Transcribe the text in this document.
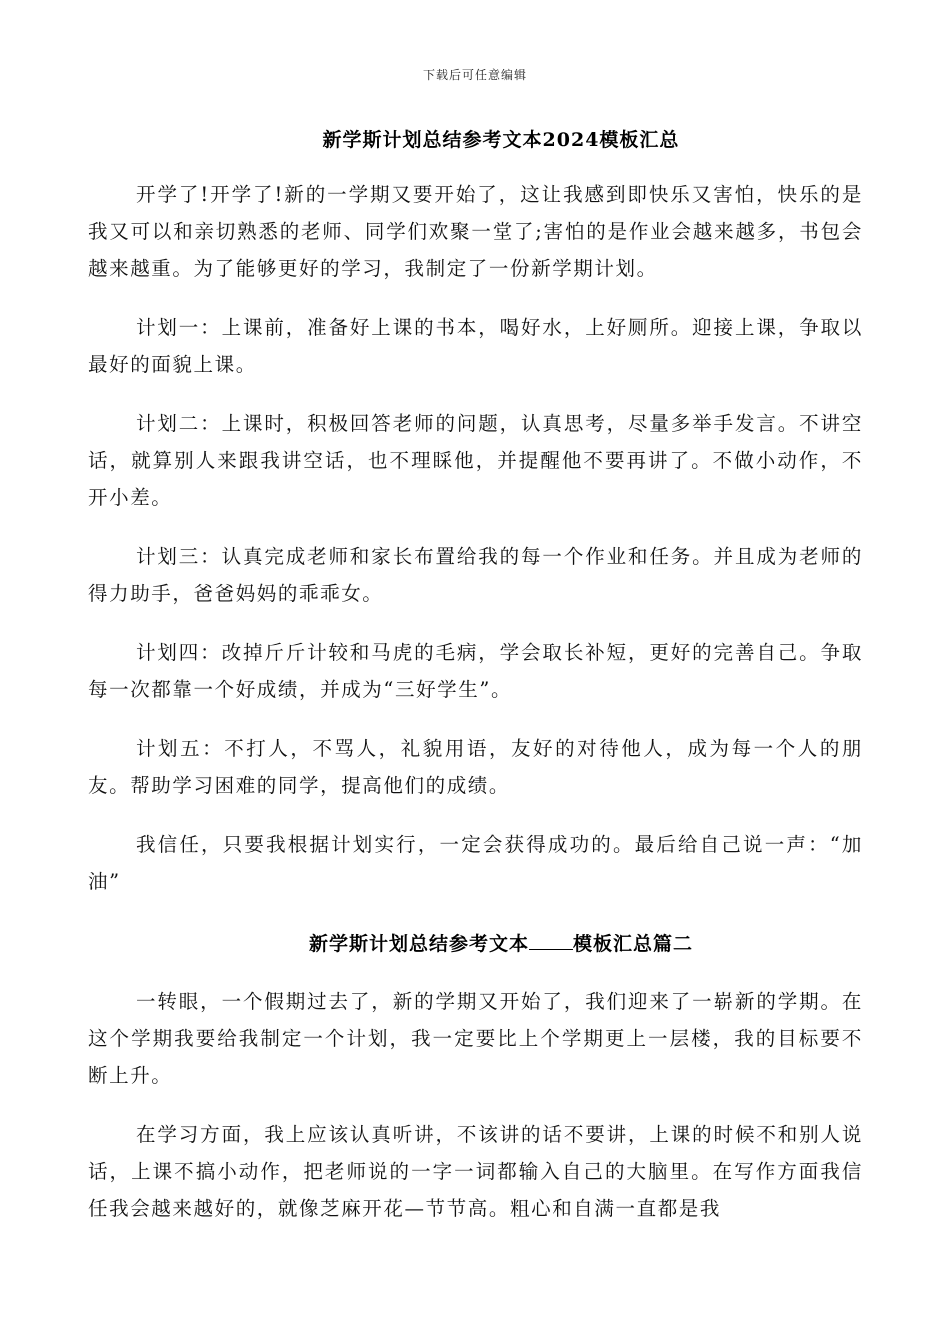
下载后可任意编辑
新学斯计划总结参考文本2024模板汇总

开学了!开学了!新的一学期又要开始了，这让我感到即快乐又害怕，快乐的是我又可以和亲切熟悉的老师、同学们欢聚一堂了;害怕的是作业会越来越多，书包会越来越重。为了能够更好的学习，我制定了一份新学期计划。

计划一：上课前，准备好上课的书本，喝好水，上好厕所。迎接上课，争取以最好的面貌上课。

计划二：上课时，积极回答老师的问题，认真思考，尽量多举手发言。不讲空话，就算别人来跟我讲空话，也不理睬他，并提醒他不要再讲了。不做小动作，不开小差。

计划三：认真完成老师和家长布置给我的每一个作业和任务。并且成为老师的得力助手，爸爸妈妈的乖乖女。

计划四：改掉斤斤计较和马虎的毛病，学会取长补短，更好的完善自己。争取每一次都靠一个好成绩，并成为“三好学生”。

计划五：不打人，不骂人，礼貌用语，友好的对待他人，成为每一个人的朋友。帮助学习困难的同学，提高他们的成绩。

我信任，只要我根据计划实行，一定会获得成功的。最后给自己说一声：“加油”

新学斯计划总结参考文本 模板汇总篇二

一转眼，一个假期过去了，新的学期又开始了，我们迎来了一崭新的学期。在这个学期我要给我制定一个计划，我一定要比上个学期更上一层楼，我的目标要不断上升。

在学习方面，我上应该认真听讲，不该讲的话不要讲，上课的时候不和别人说话，上课不搞小动作，把老师说的一字一词都输入自己的大脑里。在写作方面我信任我会越来越好的，就像芝麻开花—节节高。粗心和自满一直都是我
